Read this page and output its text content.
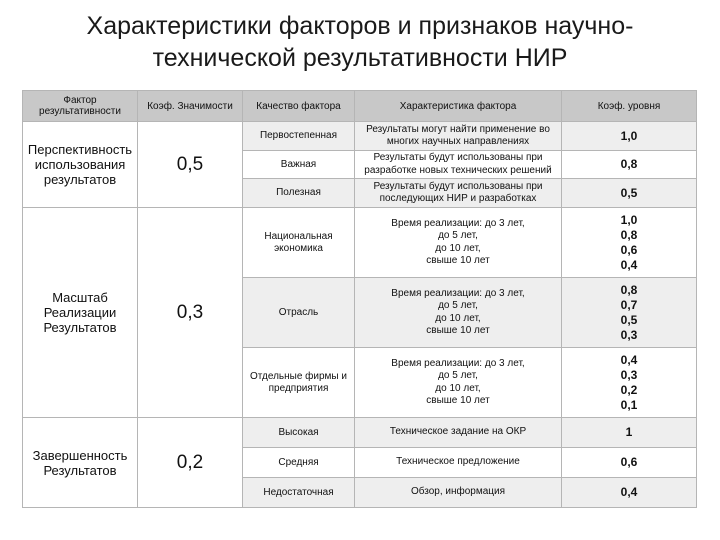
Характеристики факторов и признаков научно-
технической результативности НИР
Фактор результативности	Коэф. Значимости	Качество фактора	Характеристика фактора	Коэф. уровня
Перспективность использования результатов	0,5	Первостепенная	Результаты могут найти применение во
многих научных направлениях	1,0
		Важная	Результаты будут использованы при
разработке новых технических решений	0,8
		Полезная	Результаты будут использованы при
последующих НИР и разработках	0,5
Масштаб Реализации Результатов	0,3	Национальная экономика	Время реализации: до 3 лет,
до 5 лет,
до 10 лет,
свыше 10 лет	1,0
0,8
0,6
0,4

		Отрасль	Время реализации: до 3 лет,
до 5 лет,
до 10 лет,
свыше 10 лет	0,8
0,7
0,5
0,3

		Отдельные фирмы и предприятия	Время реализации: до 3 лет,
до 5 лет,
до 10 лет,
свыше 10 лет	0,4
0,3
0,2
0,1

Завершенность Результатов	0,2	Высокая	Техническое задание на ОКР	1
		Средняя	Техническое предложение	0,6
		Недостаточная	Обзор, информация	0,4
